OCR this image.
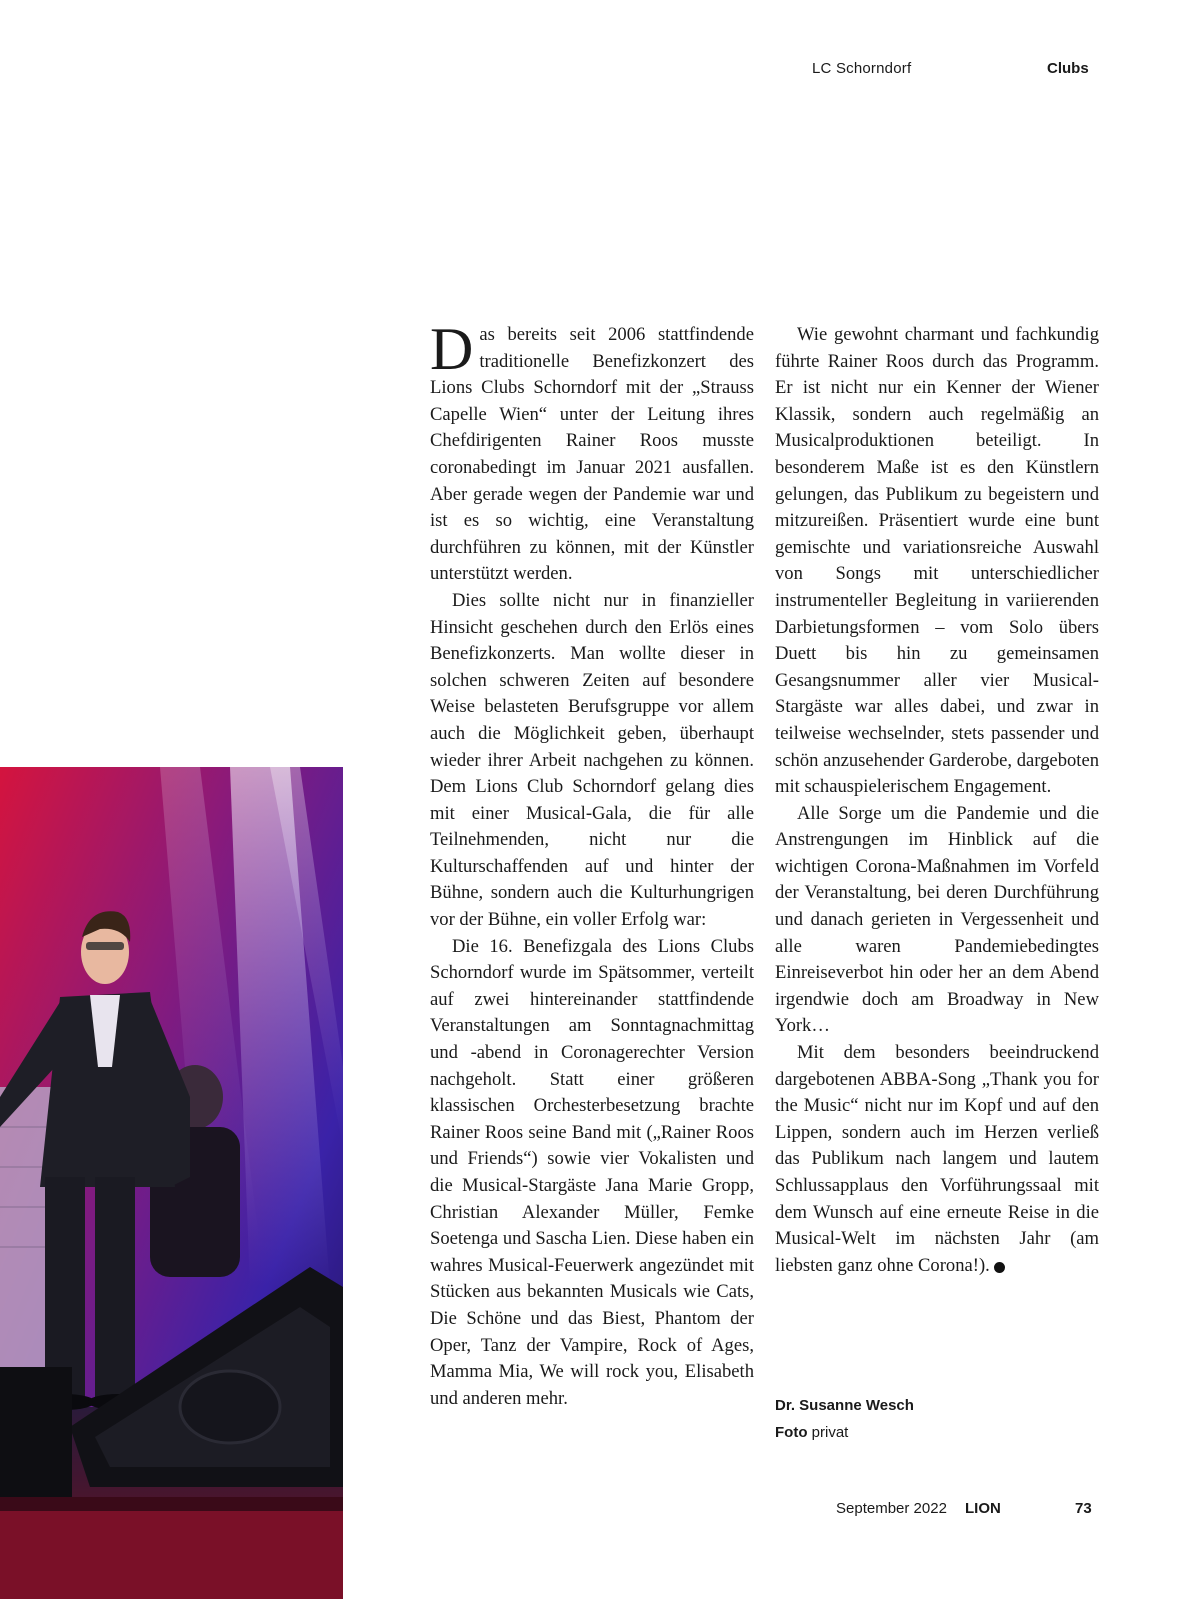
LC Schorndorf	Clubs

Das bereits seit 2006 stattfindende traditionelle Benefizkonzert des Lions Clubs Schorndorf mit der „Strauss Capelle Wien“ unter der Leitung ihres Chefdirigenten Rainer Roos musste coronabedingt im Januar 2021 ausfallen. Aber gerade wegen der Pandemie war und ist es so wichtig, eine Veranstaltung durchführen zu können, mit der Künstler unterstützt werden.

Dies sollte nicht nur in finanzieller Hinsicht geschehen durch den Erlös eines Benefizkonzerts. Man wollte dieser in solchen schweren Zeiten auf besondere Weise belasteten Berufsgruppe vor allem auch die Möglichkeit geben, überhaupt wieder ihrer Arbeit nachgehen zu können. Dem Lions Club Schorndorf gelang dies mit einer Musical-Gala, die für alle Teilnehmenden, nicht nur die Kulturschaffenden auf und hinter der Bühne, sondern auch die Kulturhungrigen vor der Bühne, ein voller Erfolg war:

Die 16. Benefizgala des Lions Clubs Schorndorf wurde im Spätsommer, verteilt auf zwei hintereinander stattfindende Veranstaltungen am Sonntagnachmittag und -abend in Coronagerechter Version nachgeholt. Statt einer größeren klassischen Orchesterbesetzung brachte Rainer Roos seine Band mit („Rainer Roos und Friends“) sowie vier Vokalisten und die Musical-Stargäste Jana Marie Gropp, Christian Alexander Müller, Femke Soetenga und Sascha Lien. Diese haben ein wahres Musical-Feuerwerk angezündet mit Stücken aus bekannten Musicals wie Cats, Die Schöne und das Biest, Phantom der Oper, Tanz der Vampire, Rock of Ages, Mamma Mia, We will rock you, Elisabeth und anderen mehr.

Wie gewohnt charmant und fachkundig führte Rainer Roos durch das Programm. Er ist nicht nur ein Kenner der Wiener Klassik, sondern auch regelmäßig an Musicalproduktionen beteiligt. In besonderem Maße ist es den Künstlern gelungen, das Publikum zu begeistern und mitzureißen. Präsentiert wurde eine bunt gemischte und variationsreiche Auswahl von Songs mit unterschiedlicher instrumenteller Begleitung in variierenden Darbietungsformen – vom Solo übers Duett bis hin zu gemeinsamen Gesangsnummer aller vier Musical-Stargäste war alles dabei, und zwar in teilweise wechselnder, stets passender und schön anzusehender Garderobe, dargeboten mit schauspielerischem Engagement.

Alle Sorge um die Pandemie und die Anstrengungen im Hinblick auf die wichtigen Corona-Maßnahmen im Vorfeld der Veranstaltung, bei deren Durchführung und danach gerieten in Vergessenheit und alle waren Pandemiebedingtes Einreiseverbot hin oder her an dem Abend irgendwie doch am Broadway in New York…

Mit dem besonders beeindruckend dargebotenen ABBA-Song „Thank you for the Music“ nicht nur im Kopf und auf den Lippen, sondern auch im Herzen verließ das Publikum nach langem und lautem Schlussapplaus den Vorführungssaal mit dem Wunsch auf eine erneute Reise in die Musical-Welt im nächsten Jahr (am liebsten ganz ohne Corona!).	L

Dr. Susanne Wesch
Foto privat
September 2022 LION	73
